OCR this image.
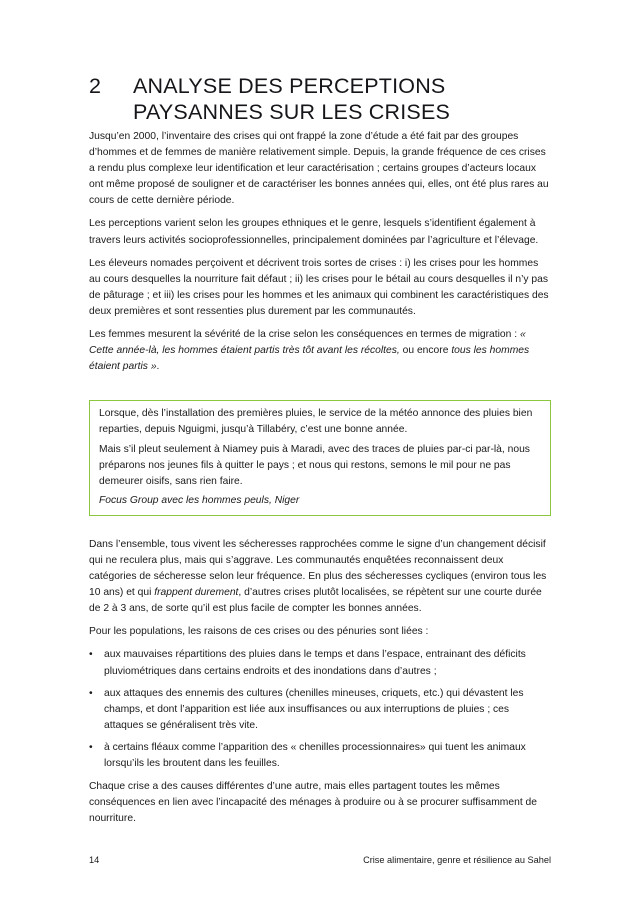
2	ANALYSE DES PERCEPTIONS
PAYSANNES SUR LES CRISES

Jusqu’en 2000, l’inventaire des crises qui ont frappé la zone d’étude a été fait par des groupes d’hommes et de femmes de manière relativement simple. Depuis, la grande fréquence de ces crises a rendu plus complexe leur identification et leur caractérisation ; certains groupes d’acteurs locaux ont même proposé de souligner et de caractériser les bonnes années qui, elles, ont été plus rares au cours de cette dernière période.

Les perceptions varient selon les groupes ethniques et le genre, lesquels s’identifient également à travers leurs activités socioprofessionnelles, principalement dominées par l’agriculture et l’élevage.

Les éleveurs nomades perçoivent et décrivent trois sortes de crises : i) les crises pour les hommes au cours desquelles la nourriture fait défaut ; ii) les crises pour le bétail au cours desquelles il n’y pas de pâturage ; et iii) les crises pour les hommes et les animaux qui combinent les caractéristiques des deux premières et sont ressenties plus durement par les communautés.

Les femmes mesurent la sévérité de la crise selon les conséquences en termes de migration : « Cette année-là, les hommes étaient partis très tôt avant les récoltes, ou encore tous les hommes étaient partis ».

Lorsque, dès l’installation des premières pluies, le service de la météo annonce des pluies bien reparties, depuis Nguigmi, jusqu’à Tillabéry, c’est une bonne année.

Mais s’il pleut seulement à Niamey puis à Maradi, avec des traces de pluies par-ci par-là, nous préparons nos jeunes fils à quitter le pays ; et nous qui restons, semons le mil pour ne pas demeurer oisifs, sans rien faire.

Focus Group avec les hommes peuls, Niger

Dans l’ensemble, tous vivent les sécheresses rapprochées comme le signe d’un changement décisif qui ne reculera plus, mais qui s’aggrave. Les communautés enquêtées reconnaissent deux catégories de sécheresse selon leur fréquence. En plus des sécheresses cycliques (environ tous les 10 ans) et qui frappent durement, d’autres crises plutôt localisées, se répètent sur une courte durée de 2 à 3 ans, de sorte qu’il est plus facile de compter les bonnes années.

Pour les populations, les raisons de ces crises ou des pénuries sont liées :

• aux mauvaises répartitions des pluies dans le temps et dans l’espace, entrainant des déficits pluviométriques dans certains endroits et des inondations dans d’autres ;
• aux attaques des ennemis des cultures (chenilles mineuses, criquets, etc.) qui dévastent les champs, et dont l’apparition est liée aux insuffisances ou aux interruptions de pluies ; ces attaques se généralisent très vite.
• à certains fléaux comme l’apparition des « chenilles processionnaires» qui tuent les animaux lorsqu’ils les broutent dans les feuilles.

Chaque crise a des causes différentes d’une autre, mais elles partagent toutes les mêmes conséquences en lien avec l’incapacité des ménages à produire ou à se procurer suffisamment de nourriture.

14	Crise alimentaire, genre et résilience au Sahel
